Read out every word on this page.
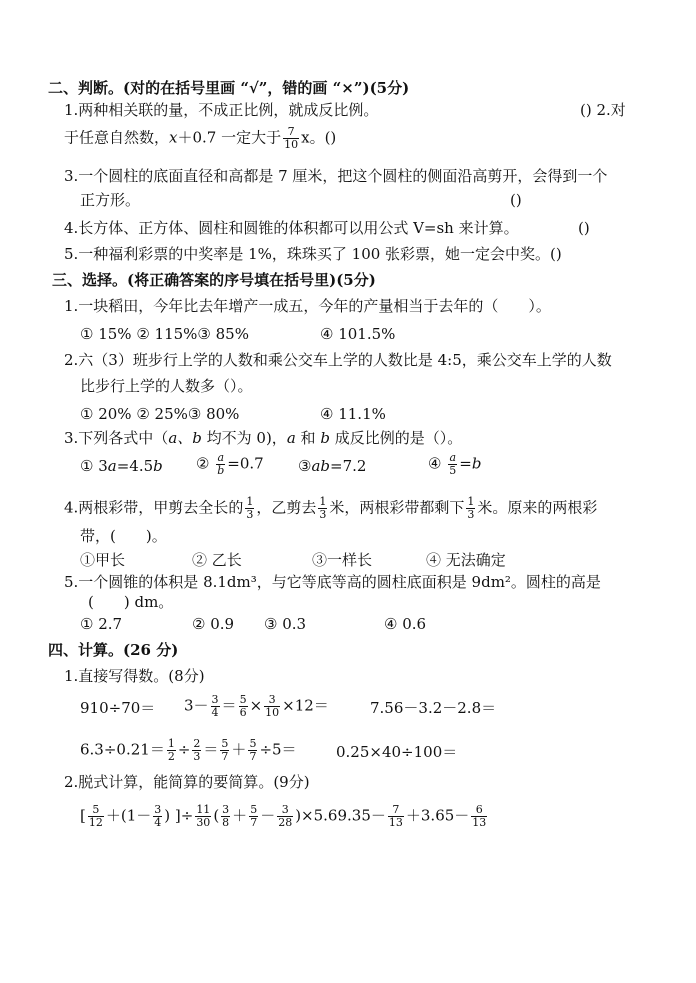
二、判断。(对的在括号里画 “√”，错的画 “×”)(5分)
1.两种相关联的量，不成正比例，就成反比例。	() 2.对
于任意自然数，x＋0.7 一定大于 $\frac{7}{10}$ x。()
3.一个圆柱的底面直径和高都是 7 厘米，把这个圆柱的侧面沿高剪开，会得到一个
正方形。	()
4.长方体、正方体、圆柱和圆锥的体积都可以用公式 V=sh 来计算。	()
5.一种福利彩票的中奖率是 1%，珠珠买了 100 张彩票，她一定会中奖。()
三、选择。(将正确答案的序号填在括号里)(5分)
1.一块稻田，今年比去年增产一成五，今年的产量相当于去年的（　　）。
① 15% ② 115%③ 85%	④ 101.5%
2.六（3）班步行上学的人数和乘公交车上学的人数比是 4:5，乘公交车上学的人数
比步行上学的人数多（）。
① 20% ② 25%③ 80%	④ 11.1%
3.下列各式中（a、b 均不为 0)，a 和 b 成反比例的是（）。
① 3a=4.5b ② $\frac{a}{b} =0.7$ ③ab=7.2	④ $\frac{a}{5} =b$
4.两根彩带，甲剪去全长的 $\frac{1}{3}$ ，乙剪去 $\frac{1}{3}$ 米，两根彩带都剩下 $\frac{1}{3}$ 米。原来的两根彩
带，(　　)。
①甲长	② 乙长	③一样长	④ 无法确定
5.一个圆锥的体积是 8.1dm³，与它等底等高的圆柱底面积是 9dm²。圆柱的高是
(　　) dm。
① 2.7	② 0.9 ③ 0.3	④ 0.6
四、计算。(26 分)
1.直接写得数。(8分)
$910\div 70= 3- \frac{3}{4} = \frac{5}{6} \times \frac{3}{10} \times 12=$	7.56－3.2－2.8＝
$6.3\div 0.21= \frac{1}{2} \div \frac{2}{3} = \frac{5}{7} + \frac{5}{7} \div 5=$	0.25×40÷100＝
2.脱式计算，能简算的要简算。(9分)
[ $\frac{5}{12} +(1- \frac{3}{4}$ ) ]÷ $\frac{11}{30}$ ( $\frac{3}{8} + \frac{5}{7} - \frac{3}{28} )\times 5.69.35- \frac{7}{13} +3.65- \frac{6}{13}$
